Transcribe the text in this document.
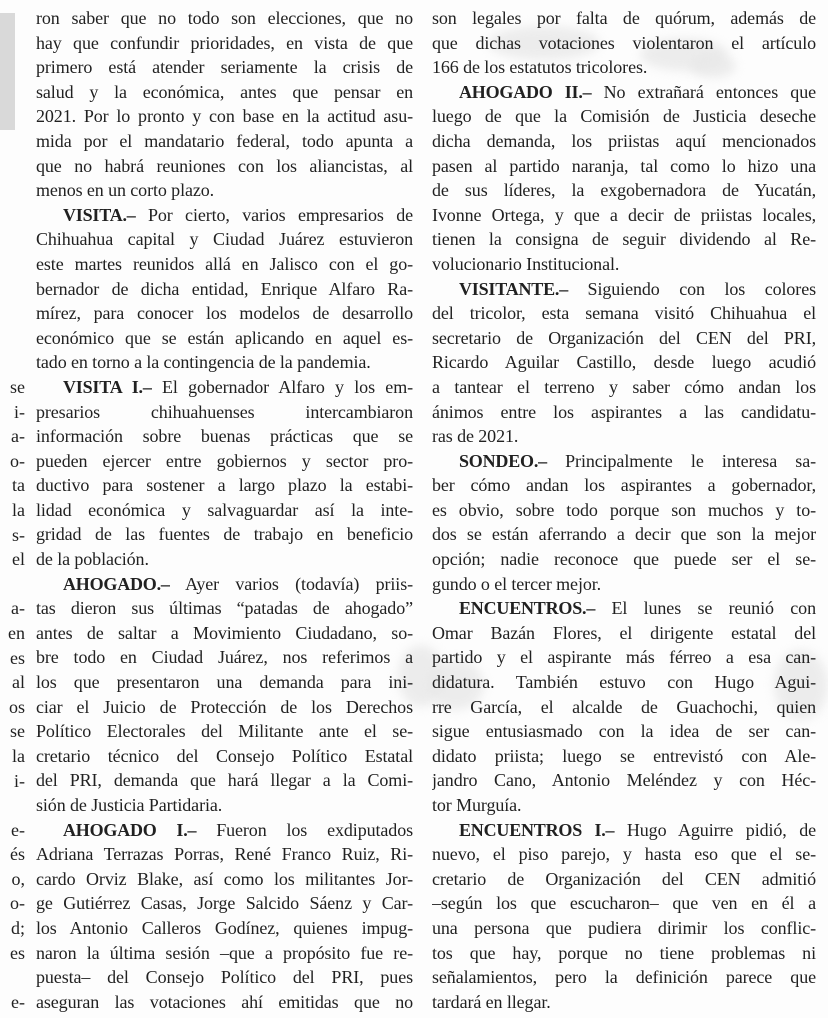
se
i-
a-
o-
ta
la
s-
el
a-
en
es
al
os
se
la
i-
e-
és
o,
o-
d;
es
e-
ron saber que no todo son elecciones, que no
hay que confundir prioridades, en vista de que
primero está atender seriamente la crisis de
salud y la económica, antes que pensar en
2021. Por lo pronto y con base en la actitud asu-
mida por el mandatario federal, todo apunta a
que no habrá reuniones con los aliancistas, al
menos en un corto plazo.
VISITA.– Por cierto, varios empresarios de
Chihuahua capital y Ciudad Juárez estuvieron
este martes reunidos allá en Jalisco con el go-
bernador de dicha entidad, Enrique Alfaro Ra-
mírez, para conocer los modelos de desarrollo
económico que se están aplicando en aquel es-
tado en torno a la contingencia de la pandemia.
VISITA I.– El gobernador Alfaro y los em-
presarios chihuahuenses intercambiaron
información sobre buenas prácticas que se
pueden ejercer entre gobiernos y sector pro-
ductivo para sostener a largo plazo la estabi-
lidad económica y salvaguardar así la inte-
gridad de las fuentes de trabajo en beneficio
de la población.
AHOGADO.– Ayer varios (todavía) priis-
tas dieron sus últimas “patadas de ahogado”
antes de saltar a Movimiento Ciudadano, so-
bre todo en Ciudad Juárez, nos referimos a
los que presentaron una demanda para ini-
ciar el Juicio de Protección de los Derechos
Político Electorales del Militante ante el se-
cretario técnico del Consejo Político Estatal
del PRI, demanda que hará llegar a la Comi-
sión de Justicia Partidaria.
AHOGADO I.– Fueron los exdiputados
Adriana Terrazas Porras, René Franco Ruiz, Ri-
cardo Orviz Blake, así como los militantes Jor-
ge Gutiérrez Casas, Jorge Salcido Sáenz y Car-
los Antonio Calleros Godínez, quienes impug-
naron la última sesión –que a propósito fue re-
puesta– del Consejo Político del PRI, pues
aseguran las votaciones ahí emitidas que no
son legales por falta de quórum, además de
que dichas votaciones violentaron el artículo
166 de los estatutos tricolores.
AHOGADO II.– No extrañará entonces que
luego de que la Comisión de Justicia deseche
dicha demanda, los priistas aquí mencionados
pasen al partido naranja, tal como lo hizo una
de sus líderes, la exgobernadora de Yucatán,
Ivonne Ortega, y que a decir de priistas locales,
tienen la consigna de seguir dividendo al Re-
volucionario Institucional.
VISITANTE.– Siguiendo con los colores
del tricolor, esta semana visitó Chihuahua el
secretario de Organización del CEN del PRI,
Ricardo Aguilar Castillo, desde luego acudió
a tantear el terreno y saber cómo andan los
ánimos entre los aspirantes a las candidatu-
ras de 2021.
SONDEO.– Principalmente le interesa sa-
ber cómo andan los aspirantes a gobernador,
es obvio, sobre todo porque son muchos y to-
dos se están aferrando a decir que son la mejor
opción; nadie reconoce que puede ser el se-
gundo o el tercer mejor.
ENCUENTROS.– El lunes se reunió con
Omar Bazán Flores, el dirigente estatal del
partido y el aspirante más férreo a esa can-
didatura. También estuvo con Hugo Agui-
rre García, el alcalde de Guachochi, quien
sigue entusiasmado con la idea de ser can-
didato priista; luego se entrevistó con Ale-
jandro Cano, Antonio Meléndez y con Héc-
tor Murguía.
ENCUENTROS I.– Hugo Aguirre pidió, de
nuevo, el piso parejo, y hasta eso que el se-
cretario de Organización del CEN admitió
–según los que escucharon– que ven en él a
una persona que pudiera dirimir los conflic-
tos que hay, porque no tiene problemas ni
señalamientos, pero la definición parece que
tardará en llegar.
